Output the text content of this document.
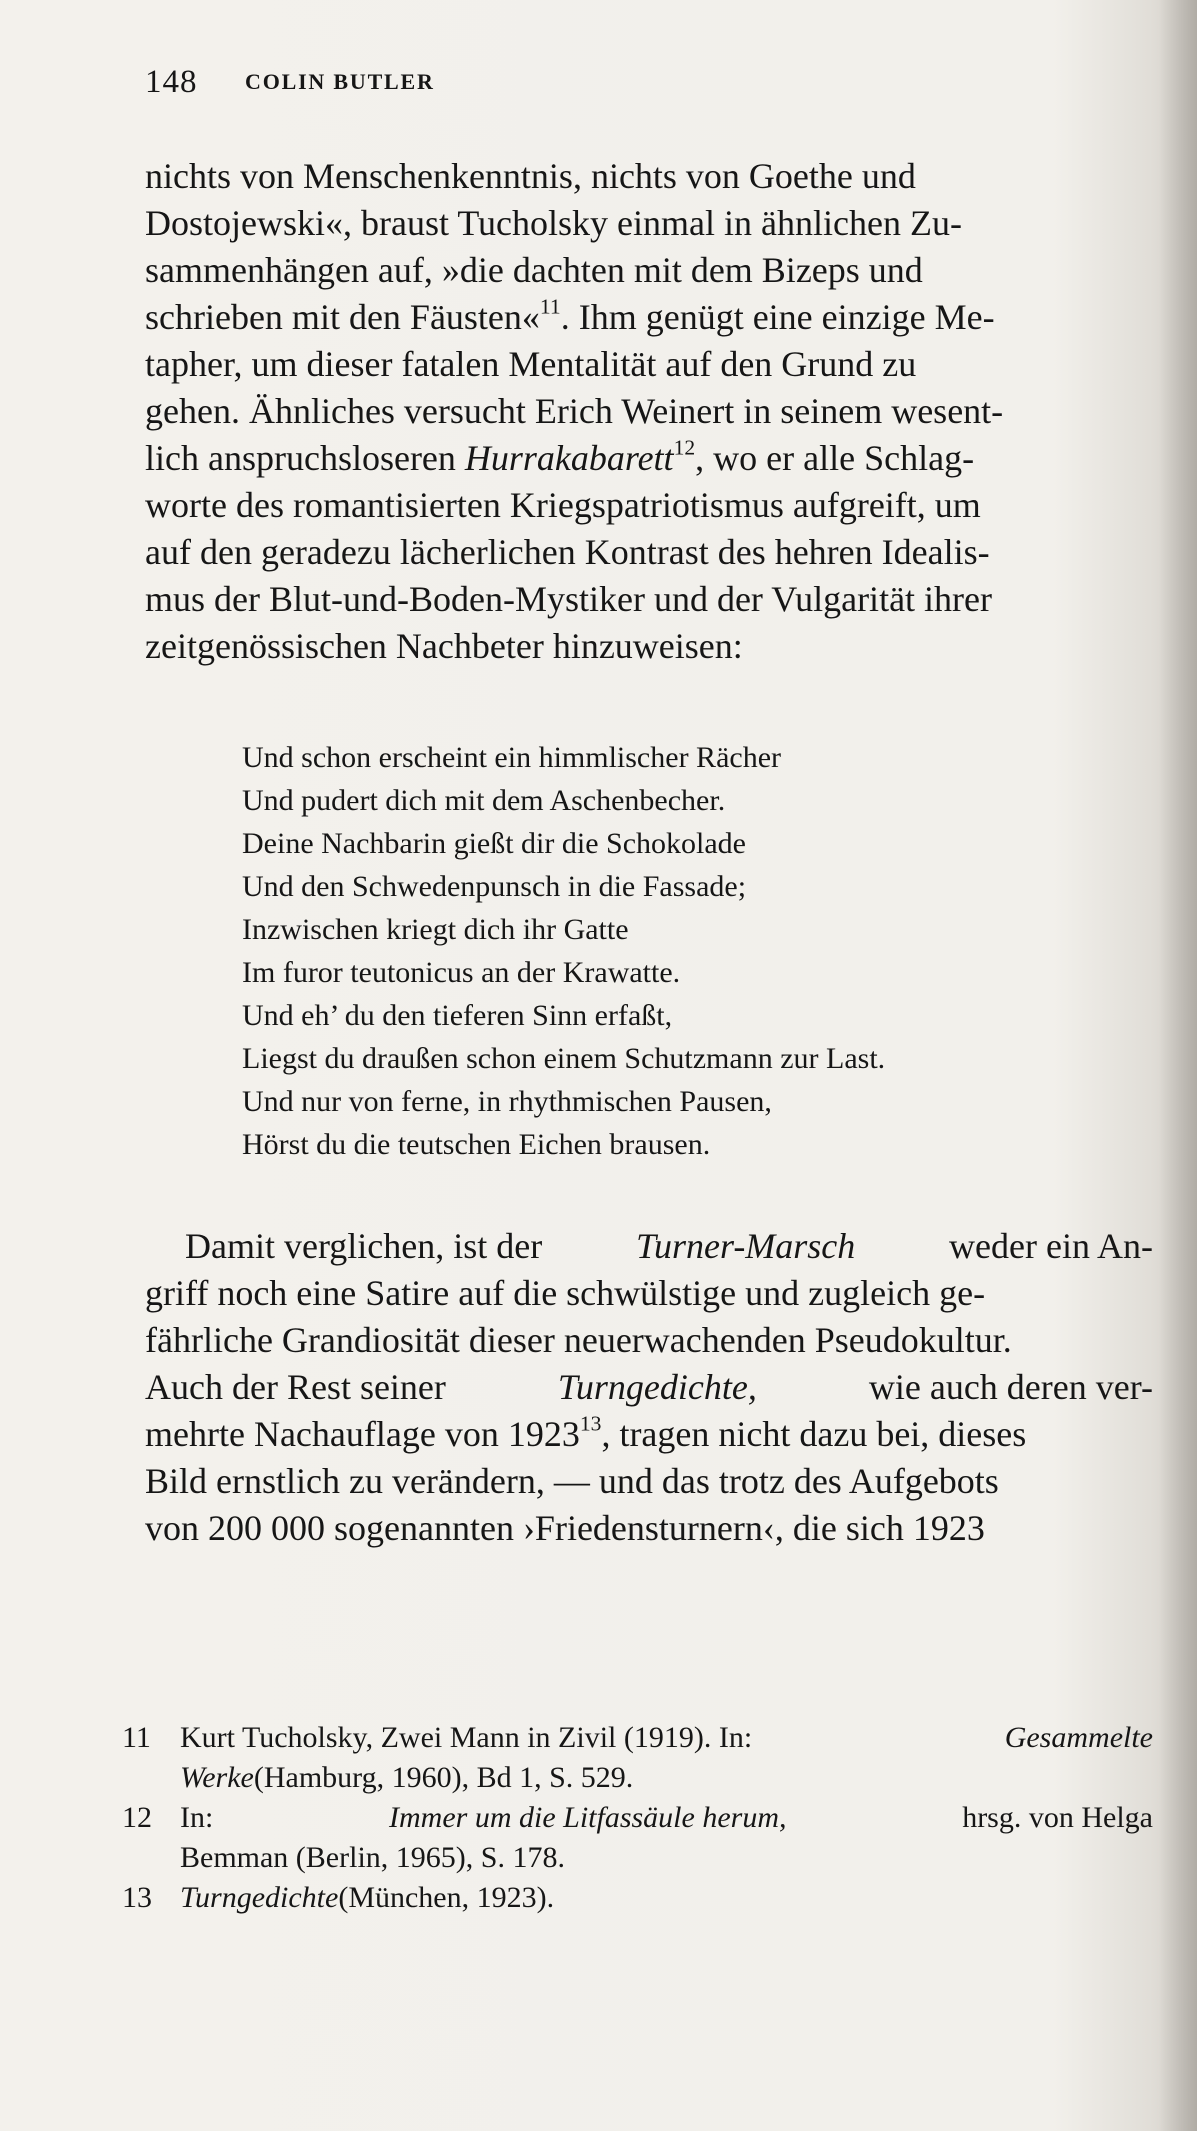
148 COLIN BUTLER
nichts von Menschenkenntnis, nichts von Goethe und
Dostojewski«, braust Tucholsky einmal in ähnlichen Zu-
sammenhängen auf, »die dachten mit dem Bizeps und
schrieben mit den Fäusten«$^{11}$. Ihm genügt eine einzige Me-
tapher, um dieser fatalen Mentalität auf den Grund zu
gehen. Ähnliches versucht Erich Weinert in seinem wesent-
lich anspruchsloseren Hurrakabarett$^{12}$, wo er alle Schlag-
worte des romantisierten Kriegspatriotismus aufgreift, um
auf den geradezu lächerlichen Kontrast des hehren Idealis-
mus der Blut-und-Boden-Mystiker und der Vulgarität ihrer
zeitgenössischen Nachbeter hinzuweisen:
Und schon erscheint ein himmlischer Rächer
Und pudert dich mit dem Aschenbecher.
Deine Nachbarin gießt dir die Schokolade
Und den Schwedenpunsch in die Fassade;
Inzwischen kriegt dich ihr Gatte
Im furor teutonicus an der Krawatte.
Und eh’ du den tieferen Sinn erfaßt,
Liegst du draußen schon einem Schutzmann zur Last.
Und nur von ferne, in rhythmischen Pausen,
Hörst du die teutschen Eichen brausen.
Damit verglichen, ist der	Turner-Marsch	weder ein An-
griff noch eine Satire auf die schwülstige und zugleich ge-
fährliche Grandiosität dieser neuerwachenden Pseudokultur.
Auch der Rest seiner	Turngedichte,	wie auch deren ver-
mehrte Nachauflage von 1923$^{13}$, tragen nicht dazu bei, dieses
Bild ernstlich zu verändern, — und das trotz des Aufgebots
von 200 000 sogenannten ›Friedensturnern‹, die sich 1923
11 Kurt Tucholsky, Zwei Mann in Zivil (1919). In:	Gesammelte
Werke (Hamburg, 1960), Bd 1, S. 529.
12 In:	Immer um die Litfassäule herum,	hrsg. von Helga
Bemman (Berlin, 1965), S. 178.
13 Turngedichte (München, 1923).
